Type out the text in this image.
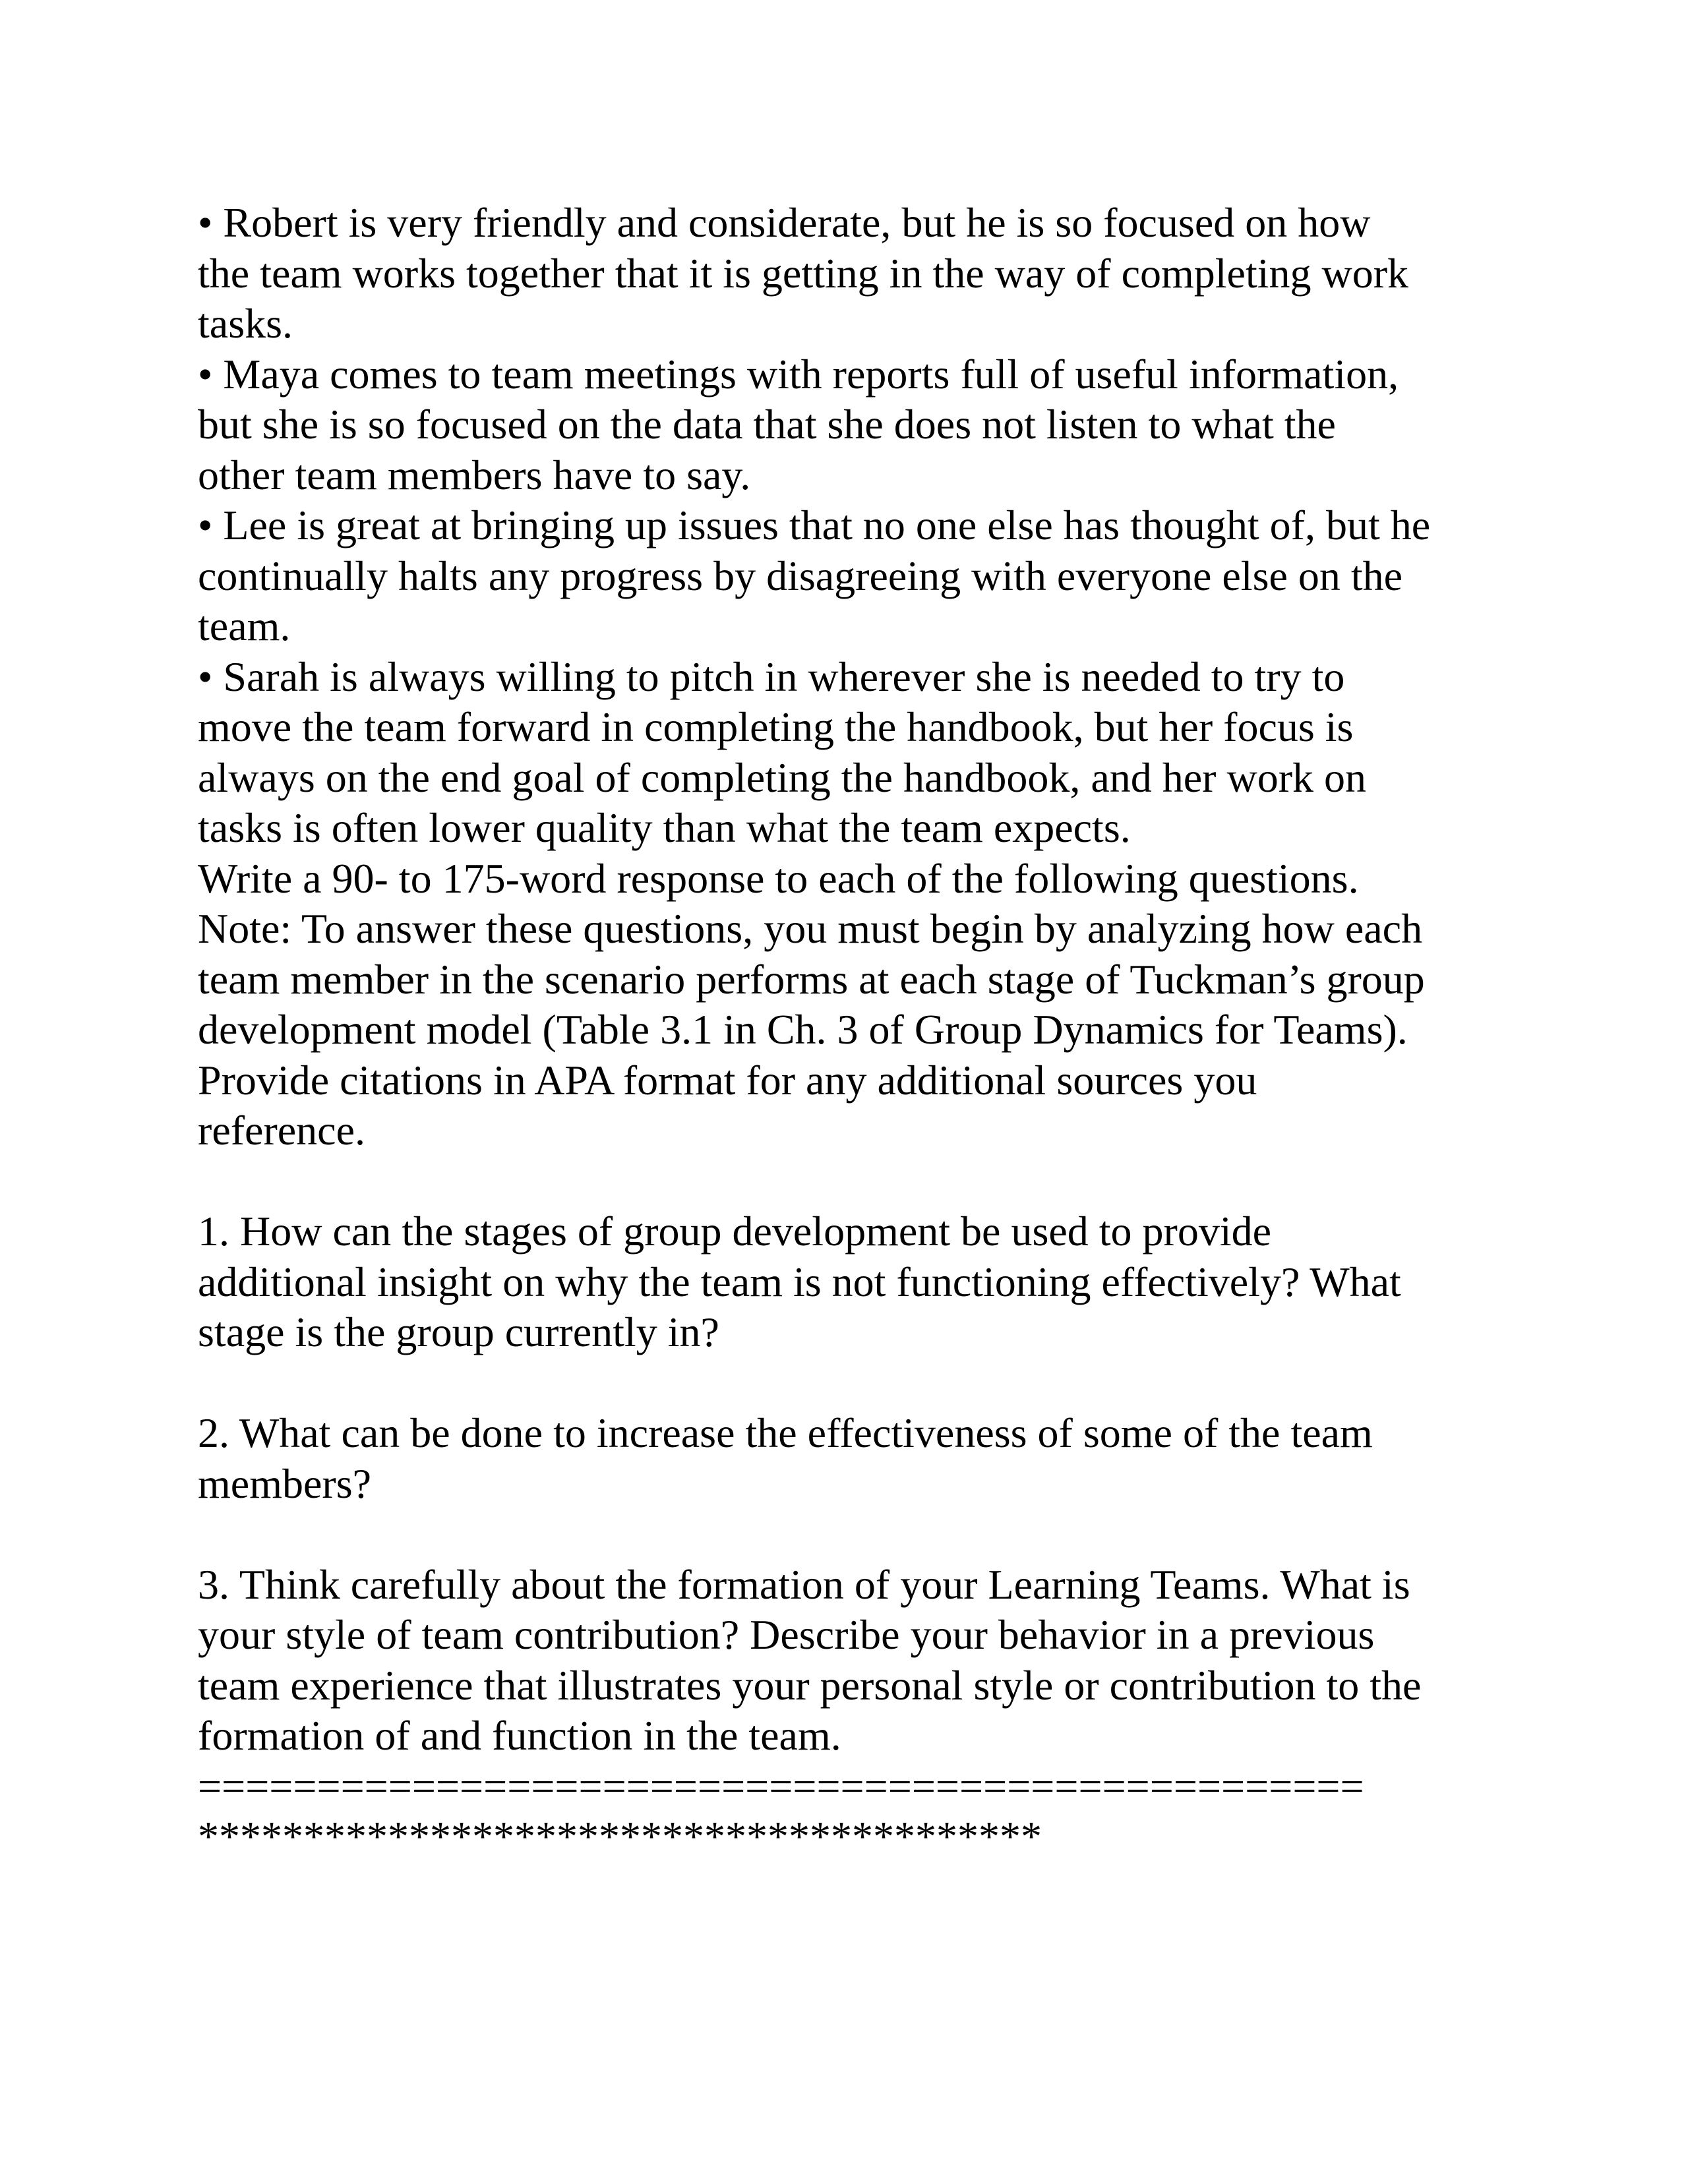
• Robert is very friendly and considerate, but he is so focused on how
the team works together that it is getting in the way of completing work
tasks.

• Maya comes to team meetings with reports full of useful information,
but she is so focused on the data that she does not listen to what the
other team members have to say.

• Lee is great at bringing up issues that no one else has thought of, but he
continually halts any progress by disagreeing with everyone else on the
team.

• Sarah is always willing to pitch in wherever she is needed to try to
move the team forward in completing the handbook, but her focus is
always on the end goal of completing the handbook, and her work on
tasks is often lower quality than what the team expects.

Write a 90- to 175-word response to each of the following questions.

Note: To answer these questions, you must begin by analyzing how each
team member in the scenario performs at each stage of Tuckman’s group
development model (Table 3.1 in Ch. 3 of Group Dynamics for Teams).
Provide citations in APA format for any additional sources you
reference.

1. How can the stages of group development be used to provide
additional insight on why the team is not functioning effectively? What
stage is the group currently in?

2. What can be done to increase the effectiveness of some of the team
members?

3. Think carefully about the formation of your Learning Teams. What is
your style of team contribution? Describe your behavior in a previous
team experience that illustrates your personal style or contribution to the
formation of and function in the team.

=================================================

****************************************
